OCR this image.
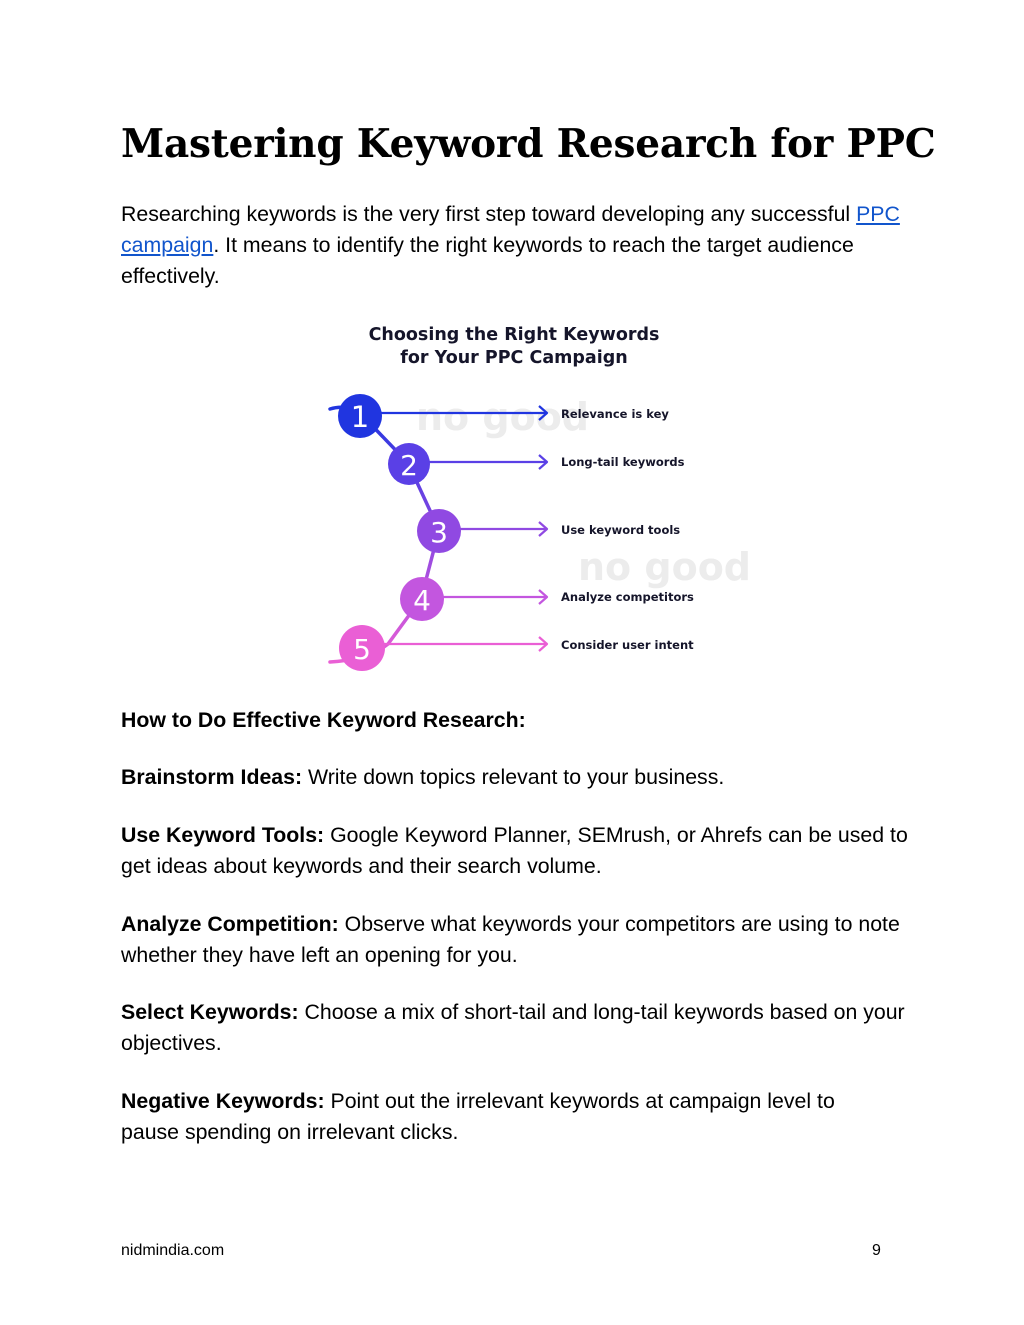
Mastering Keyword Research for PPC

Researching keywords is the very first step toward developing any successful PPC campaign. It means to identify the right keywords to reach the target audience effectively.

no good
no good
Choosing the Right Keywords
for Your PPC Campaign
1	Relevance is key
2	Long-tail keywords
3	Use keyword tools
4	Analyze competitors
5	Consider user intent

How to Do Effective Keyword Research:

Brainstorm Ideas: Write down topics relevant to your business.

Use Keyword Tools: Google Keyword Planner, SEMrush, or Ahrefs can be used to get ideas about keywords and their search volume.

Analyze Competition: Observe what keywords your competitors are using to note whether they have left an opening for you.

Select Keywords: Choose a mix of short-tail and long-tail keywords based on your objectives.

Negative Keywords: Point out the irrelevant keywords at campaign level to pause spending on irrelevant clicks.

nidmindia.com	9
